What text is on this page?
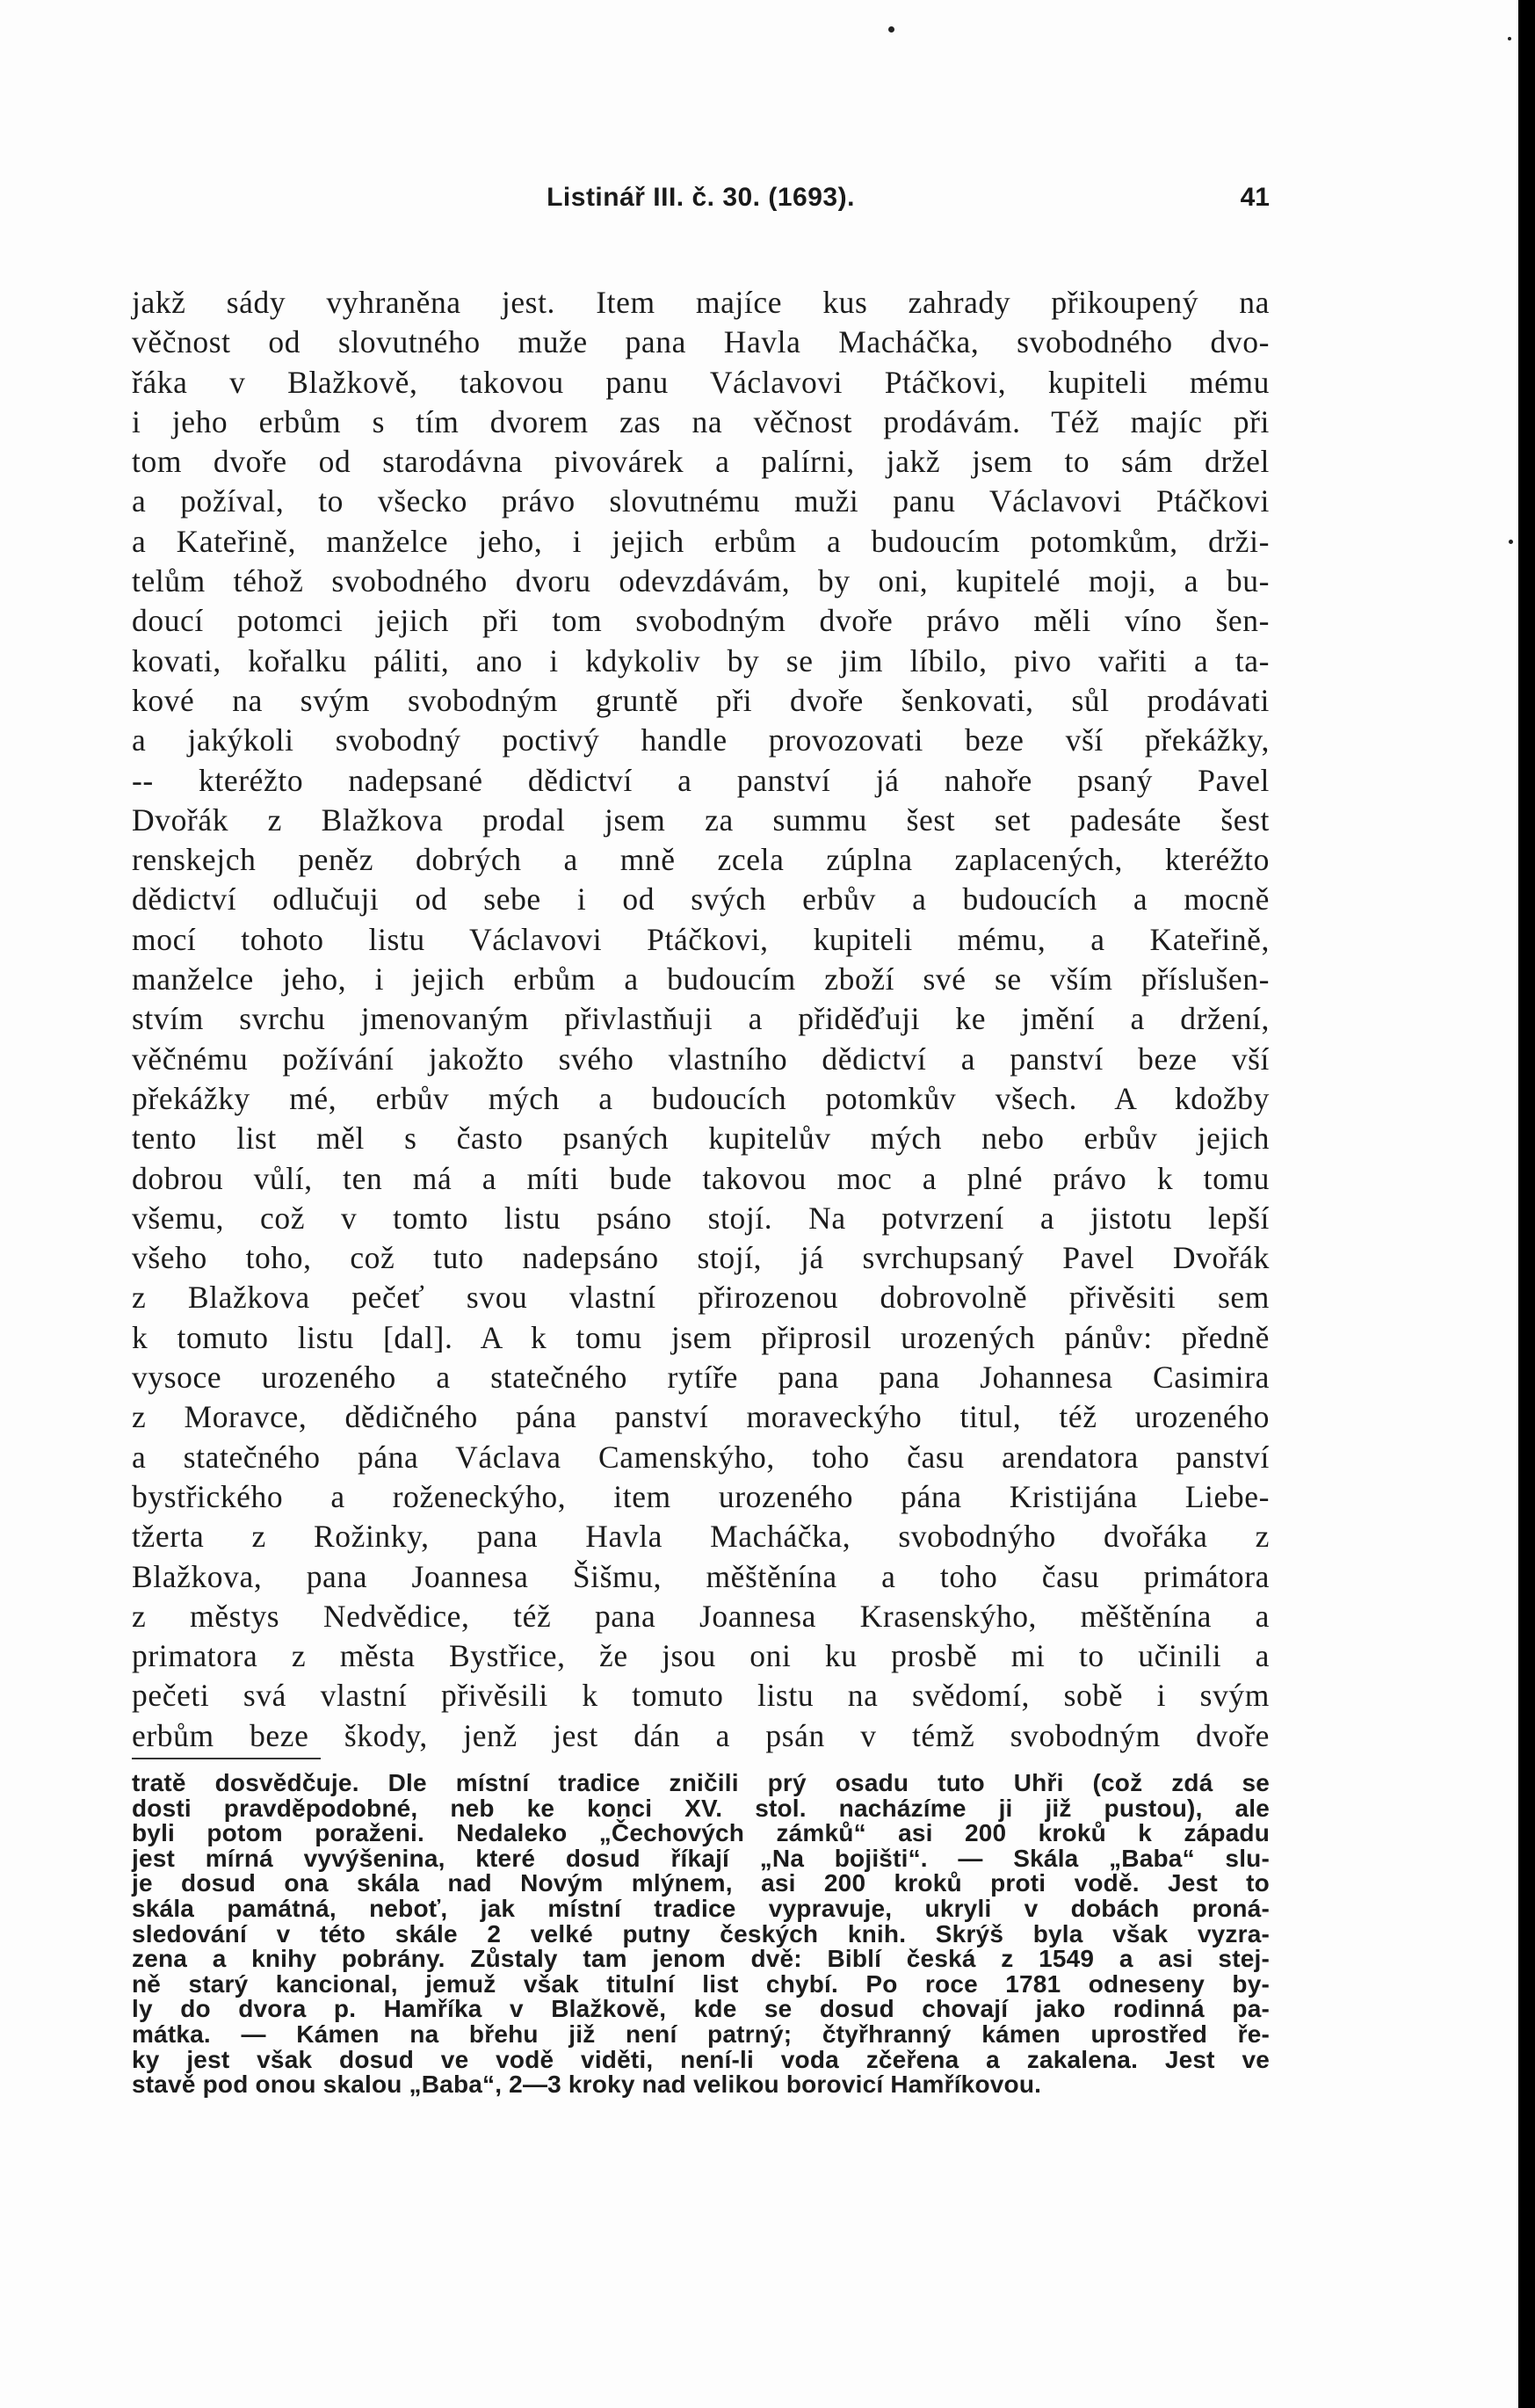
Listinář III. č. 30. (1693).	41
jakž sády vyhraněna jest. Item majíce kus zahrady přikoupený na
věčnost od slovutného muže pana Havla Macháčka, svobodného dvo-
řáka v Blažkově, takovou panu Václavovi Ptáčkovi, kupiteli mému
i jeho erbům s tím dvorem zas na věčnost prodávám. Též majíc při
tom dvoře od starodávna pivovárek a palírni, jakž jsem to sám držel
a požíval, to všecko právo slovutnému muži panu Václavovi Ptáčkovi
a Kateřině, manželce jeho, i jejich erbům a budoucím potomkům, drži-
telům téhož svobodného dvoru odevzdávám, by oni, kupitelé moji, a bu-
doucí potomci jejich při tom svobodným dvoře právo měli víno šen-
kovati, kořalku páliti, ano i kdykoliv by se jim líbilo, pivo vařiti a ta-
kové na svým svobodným gruntě při dvoře šenkovati, sůl prodávati
a jakýkoli svobodný poctivý handle provozovati beze vší překážky,
-- kteréžto nadepsané dědictví a panství já nahoře psaný Pavel
Dvořák z Blažkova prodal jsem za summu šest set padesáte šest
renskejch peněz dobrých a mně zcela zúplna zaplacených, kteréžto
dědictví odlučuji od sebe i od svých erbův a budoucích a mocně
mocí tohoto listu Václavovi Ptáčkovi, kupiteli mému, a Kateřině,
manželce jeho, i jejich erbům a budoucím zboží své se vším příslušen-
stvím svrchu jmenovaným přivlastňuji a přiděďuji ke jmění a držení,
věčnému požívání jakožto svého vlastního dědictví a panství beze vší
překážky mé, erbův mých a budoucích potomkův všech. A kdožby
tento list měl s často psaných kupitelův mých nebo erbův jejich
dobrou vůlí, ten má a míti bude takovou moc a plné právo k tomu
všemu, což v tomto listu psáno stojí. Na potvrzení a jistotu lepší
všeho toho, což tuto nadepsáno stojí, já svrchupsaný Pavel Dvořák
z Blažkova pečeť svou vlastní přirozenou dobrovolně přivěsiti sem
k tomuto listu [dal]. A k tomu jsem připrosil urozených pánův: předně
vysoce urozeného a statečného rytíře pana pana Johannesa Casimira
z Moravce, dědičného pána panství moraveckýho titul, též urozeného
a statečného pána Václava Camenskýho, toho času arendatora panství
bystřického a roženeckýho, item urozeného pána Kristijána Liebe-
tžerta z Rožinky, pana Havla Macháčka, svobodnýho dvořáka z
Blažkova, pana Joannesa Šišmu, měštěnína a toho času primátora
z městys Nedvědice, též pana Joannesa Krasenskýho, měštěnína a
primatora z města Bystřice, že jsou oni ku prosbě mi to učinili a
pečeti svá vlastní přivěsili k tomuto listu na svědomí, sobě i svým
erbům beze škody, jenž jest dán a psán v témž svobodným dvoře
tratě dosvědčuje. Dle místní tradice zničili prý osadu tuto Uhři (což zdá se
dosti pravděpodobné, neb ke konci XV. stol. nacházíme ji již pustou), ale
byli potom poraženi. Nedaleko „Čechových zámků“ asi 200 kroků k západu
jest mírná vyvýšenina, které dosud říkají „Na bojišti“. — Skála „Baba“ slu-
je dosud ona skála nad Novým mlýnem, asi 200 kroků proti vodě. Jest to
skála památná, neboť, jak místní tradice vypravuje, ukryli v dobách proná-
sledování v této skále 2 velké putny českých knih. Skrýš byla však vyzra-
zena a knihy pobrány. Zůstaly tam jenom dvě: Biblí česká z 1549 a asi stej-
ně starý kancional, jemuž však titulní list chybí. Po roce 1781 odneseny by-
ly do dvora p. Hamříka v Blažkově, kde se dosud chovají jako rodinná pa-
mátka. — Kámen na břehu již není patrný; čtyřhranný kámen uprostřed ře-
ky jest však dosud ve vodě viděti, není-li voda zčeřena a zakalena. Jest ve
stavě pod onou skalou „Baba“, 2—3 kroky nad velikou borovicí Hamříkovou.
